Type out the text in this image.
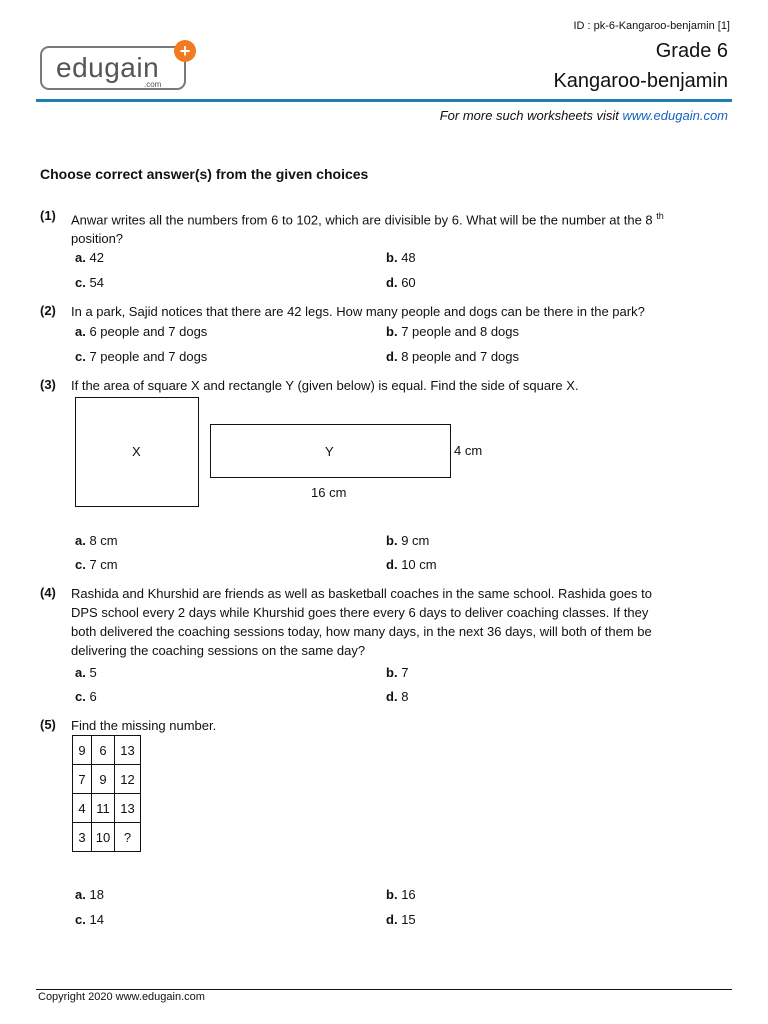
edugain
.com
+
ID : pk-6-Kangaroo-benjamin [1]
Grade 6
Kangaroo-benjamin
For more such worksheets visit www.edugain.com
Choose correct answer(s) from the given choices
(1) Anwar writes all the numbers from 6 to 102, which are divisible by 6. What will be the number at the 8 $^{th}$
position?
a. 42	b. 48
c. 54	d. 60
(2) In a park, Sajid notices that there are 42 legs. How many people and dogs can be there in the park?
a. 6 people and 7 dogs	b. 7 people and 8 dogs
c. 7 people and 7 dogs	d. 8 people and 7 dogs
(3) If the area of square X and rectangle Y (given below) is equal. Find the side of square X.
X	Y	4 cm
16 cm
a. 8 cm	b. 9 cm
c. 7 cm	d. 10 cm
(4) Rashida and Khurshid are friends as well as basketball coaches in the same school. Rashida goes to
DPS school every 2 days while Khurshid goes there every 6 days to deliver coaching classes. If they
both delivered the coaching sessions today, how many days, in the next 36 days, will both of them be
delivering the coaching sessions on the same day?
a. 5	b. 7
c. 6	d. 8
(5) Find the missing number.
9	6	13
7	9	12
4	11	13
3	10	?
a. 18	b. 16
c. 14	d. 15
Copyright 2020 www.edugain.com
